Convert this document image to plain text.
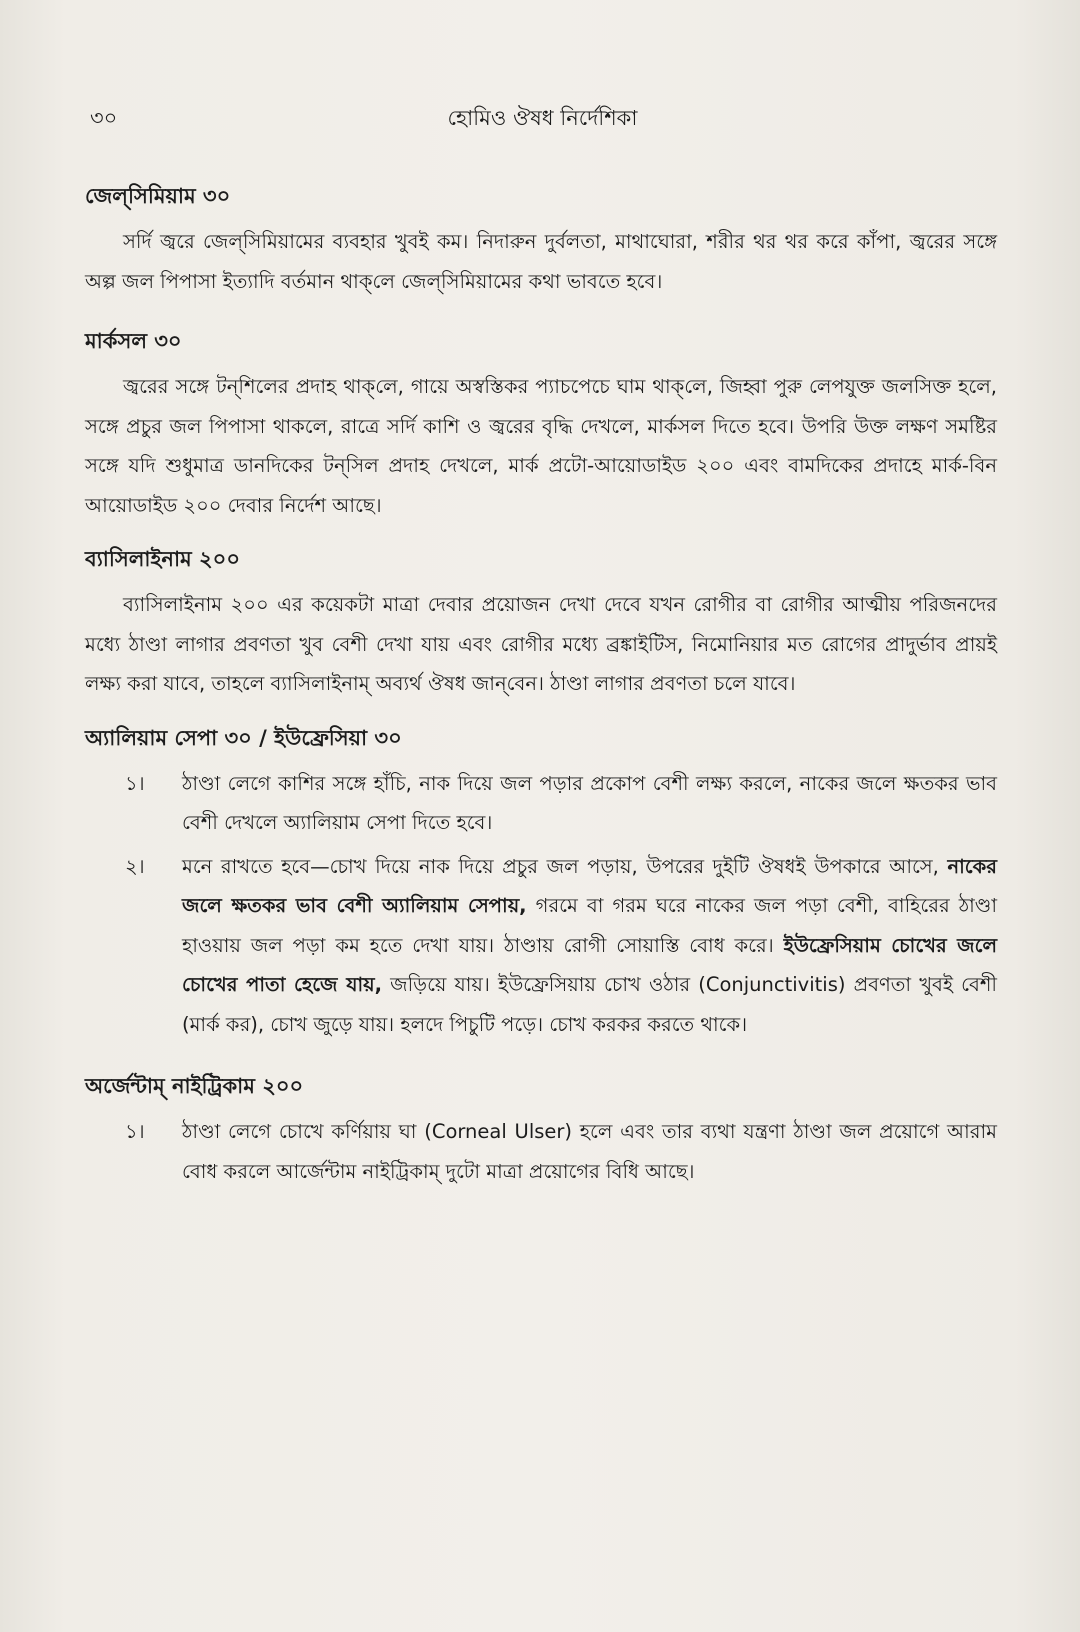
৩০	হোমিও ঔষধ নির্দেশিকা
জেল্‌সিমিয়াম ৩০

সর্দি জ্বরে জেল্‌সিমিয়ামের ব্যবহার খুবই কম। নিদারুন দুর্বলতা, মাথাঘোরা, শরীর থর থর করে কাঁপা, জ্বরের সঙ্গে অল্প জল পিপাসা ইত্যাদি বর্তমান থাক্‌লে জেল্‌সিমিয়ামের কথা ভাবতে হবে।

মার্কসল ৩০

জ্বরের সঙ্গে টন্‌শিলের প্রদাহ থাক্‌লে, গায়ে অস্বস্তিকর প্যাচপেচে ঘাম থাক্‌লে, জিহ্বা পুরু লেপযুক্ত জলসিক্ত হলে, সঙ্গে প্রচুর জল পিপাসা থাকলে, রাত্রে সর্দি কাশি ও জ্বরের বৃদ্ধি দেখলে, মার্কসল দিতে হবে। উপরি উক্ত লক্ষণ সমষ্টির সঙ্গে যদি শুধুমাত্র ডানদিকের টন্‌সিল প্রদাহ দেখলে, মার্ক প্রটো-আয়োডাইড ২০০ এবং বামদিকের প্রদাহে মার্ক-বিন আয়োডাইড ২০০ দেবার নির্দেশ আছে।

ব্যাসিলাইনাম ২০০

ব্যাসিলাইনাম ২০০ এর কয়েকটা মাত্রা দেবার প্রয়োজন দেখা দেবে যখন রোগীর বা রোগীর আত্মীয় পরিজনদের মধ্যে ঠাণ্ডা লাগার প্রবণতা খুব বেশী দেখা যায় এবং রোগীর মধ্যে ব্রঙ্কাইটিস, নিমোনিয়ার মত রোগের প্রাদুর্ভাব প্রায়ই লক্ষ্য করা যাবে, তাহলে ব্যাসিলাইনাম্‌ অব্যর্থ ঔষধ জান্‌বেন। ঠাণ্ডা লাগার প্রবণতা চলে যাবে।

অ্যালিয়াম সেপা ৩০ / ইউফ্রেসিয়া ৩০
১। ঠাণ্ডা লেগে কাশির সঙ্গে হাঁচি, নাক দিয়ে জল পড়ার প্রকোপ বেশী লক্ষ্য করলে, নাকের জলে ক্ষতকর ভাব বেশী দেখলে অ্যালিয়াম সেপা দিতে হবে।
২। মনে রাখতে হবে—চোখ দিয়ে নাক দিয়ে প্রচুর জল পড়ায়, উপরের দুইটি ঔষধই উপকারে আসে, নাকের জলে ক্ষতকর ভাব বেশী অ্যালিয়াম সেপায়, গরমে বা গরম ঘরে নাকের জল পড়া বেশী, বাহিরের ঠাণ্ডা হাওয়ায় জল পড়া কম হতে দেখা যায়। ঠাণ্ডায় রোগী সোয়াস্তি বোধ করে। ইউফ্রেসিয়াম চোখের জলে চোখের পাতা হেজে যায়, জড়িয়ে যায়। ইউফ্রেসিয়ায় চোখ ওঠার (Conjunctivitis) প্রবণতা খুবই বেশী (মার্ক কর), চোখ জুড়ে যায়। হলদে পিচুটি পড়ে। চোখ করকর করতে থাকে।
অর্জেন্টাম্‌ নাইট্রিকাম ২০০
১। ঠাণ্ডা লেগে চোখে কর্ণিয়ায় ঘা (Corneal Ulser) হলে এবং তার ব্যথা যন্ত্রণা ঠাণ্ডা জল প্রয়োগে আরাম বোধ করলে আর্জেন্টাম নাইট্রিকাম্‌ দুটো মাত্রা প্রয়োগের বিধি আছে।
